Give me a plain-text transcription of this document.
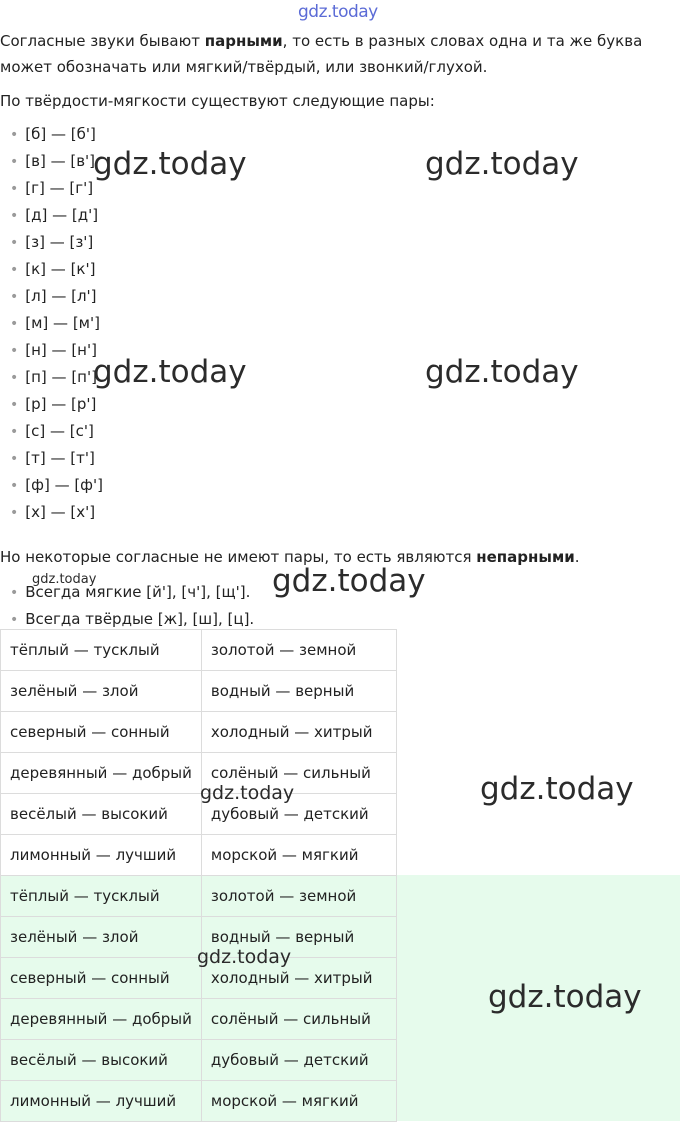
gdz.today

Согласные звуки бывают парными, то есть в разных словах одна и та же буква может обозначать или мягкий/твёрдый, или звонкий/глухой.

По твёрдости-мягкости существуют следующие пары:

• [б] — [б']
• [в] — [в']
• [г] — [г']
• [д] — [д']
• [з] — [з']
• [к] — [к']
• [л] — [л']
• [м] — [м']
• [н] — [н']
• [п] — [п']
• [р] — [р']
• [с] — [с']
• [т] — [т']
• [ф] — [ф']
• [х] — [х']

Но некоторые согласные не имеют пары, то есть являются непарными.

• Всегда мягкие [й'], [ч'], [щ'].
• Всегда твёрдые [ж], [ш], [ц].
тёплый — тусклый	золотой — земной
зелёный — злой	водный — верный
северный — сонный	холодный — хитрый
деревянный — добрый	солёный — сильный
весёлый — высокий	дубовый — детский
лимонный — лучший	морской — мягкий
тёплый — тусклый	золотой — земной
зелёный — злой	водный — верный
северный — сонный	холодный — хитрый
деревянный — добрый	солёный — сильный
весёлый — высокий	дубовый — детский
лимонный — лучший	морской — мягкий
gdz.today	gdz.today
gdz.today	gdz.today
gdz.today	gdz.today
gdz.today	gdz.today
gdz.today
gdz.today
